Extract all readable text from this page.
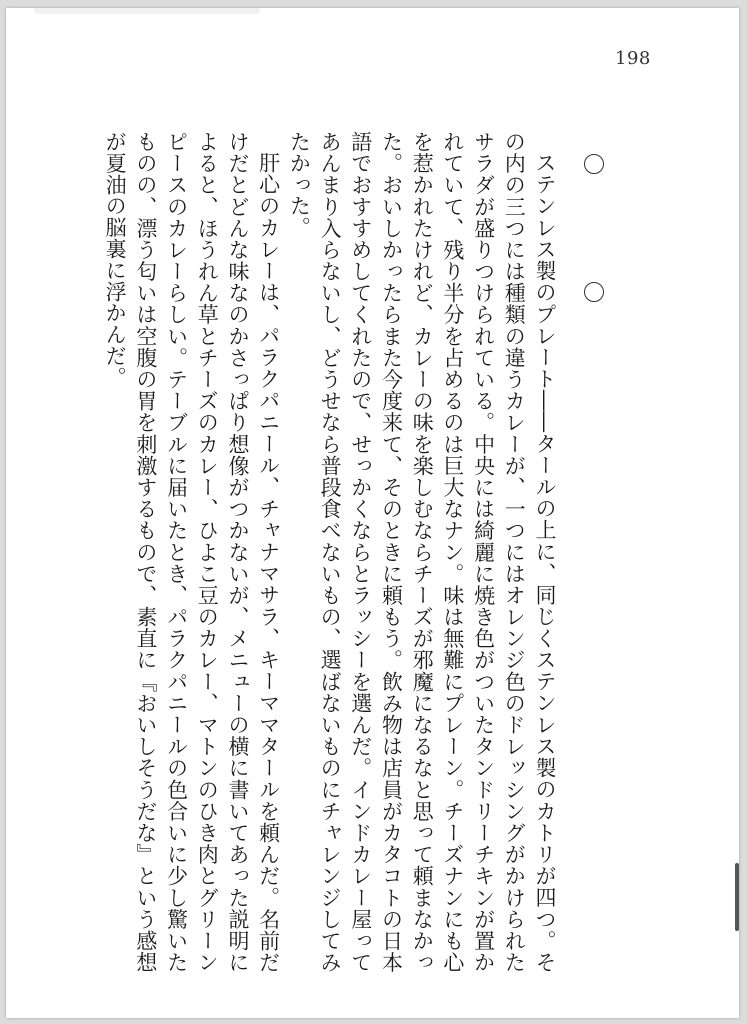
198

ステンレス製のプレート――タールの上に、同じくステンレス製のカトリが四つ。その内の三つには種類の違うカレーが、一つにはオレンジ色のドレッシングがかけられたサラダが盛りつけられている。中央には綺麗に焼き色がついたタンドリーチキンが置かれていて、残り半分を占めるのは巨大なナン。味は無難にプレーン。チーズナンにも心を惹かれたけれど、カレーの味を楽しむならチーズが邪魔になるなと思って頼まなかった。おいしかったらまた今度来て、そのときに頼もう。飲み物は店員がカタコトの日本語でおすすめしてくれたので、せっかくならとラッシーを選んだ。インドカレー屋ってあんまり入らないし、どうせなら普段食べないもの、選ばないものにチャレンジしてみたかった。

肝心のカレーは、パラクパニール、チャナマサラ、キーママタールを頼んだ。名前だけだとどんな味なのかさっぱり想像がつかないが、メニューの横に書いてあった説明によると、ほうれん草とチーズのカレー、ひよこ豆のカレー、マトンのひき肉とグリーンピースのカレーらしい。テーブルに届いたとき、パラクパニールの色合いに少し驚いたものの、漂う匂いは空腹の胃を刺激するもので、素直に『おいしそうだな』という感想が夏油の脳裏に浮かんだ。
